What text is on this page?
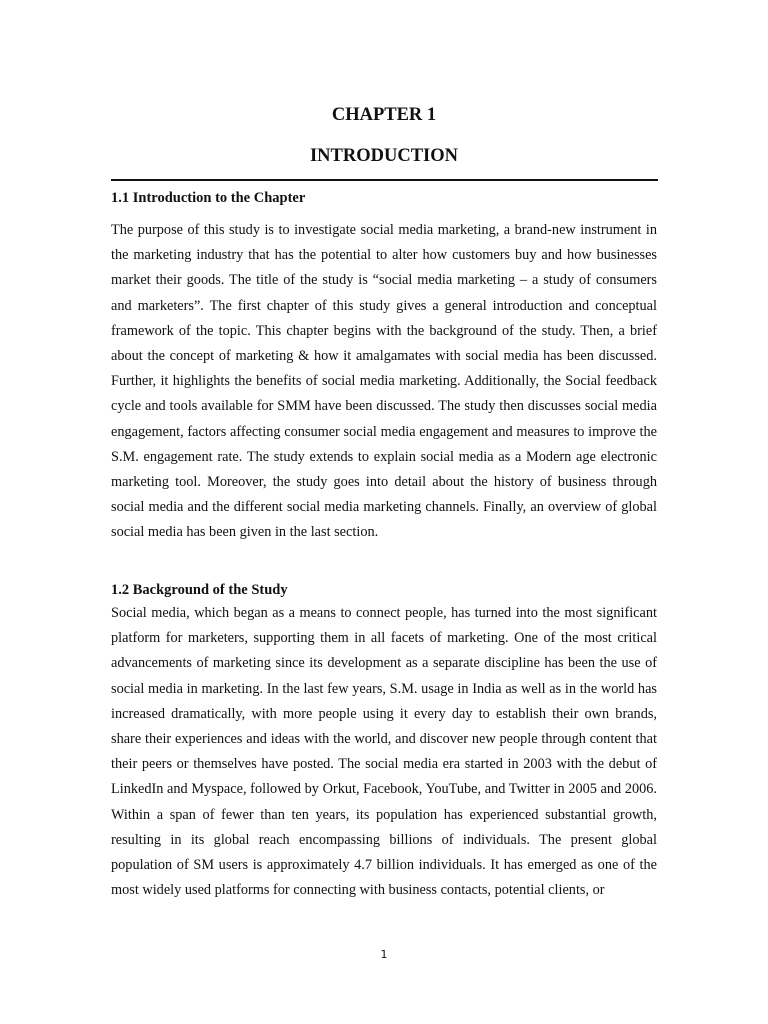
CHAPTER 1
INTRODUCTION
1.1 Introduction to the Chapter

The purpose of this study is to investigate social media marketing, a brand-new instrument in the marketing industry that has the potential to alter how customers buy and how businesses market their goods. The title of the study is “social media marketing – a study of consumers and marketers”. The first chapter of this study gives a general introduction and conceptual framework of the topic. This chapter begins with the background of the study. Then, a brief about the concept of marketing & how it amalgamates with social media has been discussed. Further, it highlights the benefits of social media marketing. Additionally, the Social feedback cycle and tools available for SMM have been discussed. The study then discusses social media engagement, factors affecting consumer social media engagement and measures to improve the S.M. engagement rate. The study extends to explain social media as a Modern age electronic marketing tool. Moreover, the study goes into detail about the history of business through social media and the different social media marketing channels. Finally, an overview of global social media has been given in the last section.

1.2 Background of the Study

Social media, which began as a means to connect people, has turned into the most significant platform for marketers, supporting them in all facets of marketing. One of the most critical advancements of marketing since its development as a separate discipline has been the use of social media in marketing. In the last few years, S.M. usage in India as well as in the world has increased dramatically, with more people using it every day to establish their own brands, share their experiences and ideas with the world, and discover new people through content that their peers or themselves have posted. The social media era started in 2003 with the debut of LinkedIn and Myspace, followed by Orkut, Facebook, YouTube, and Twitter in 2005 and 2006. Within a span of fewer than ten years, its population has experienced substantial growth, resulting in its global reach encompassing billions of individuals. The present global population of SM users is approximately 4.7 billion individuals. It has emerged as one of the most widely used platforms for connecting with business contacts, potential clients, or

1
